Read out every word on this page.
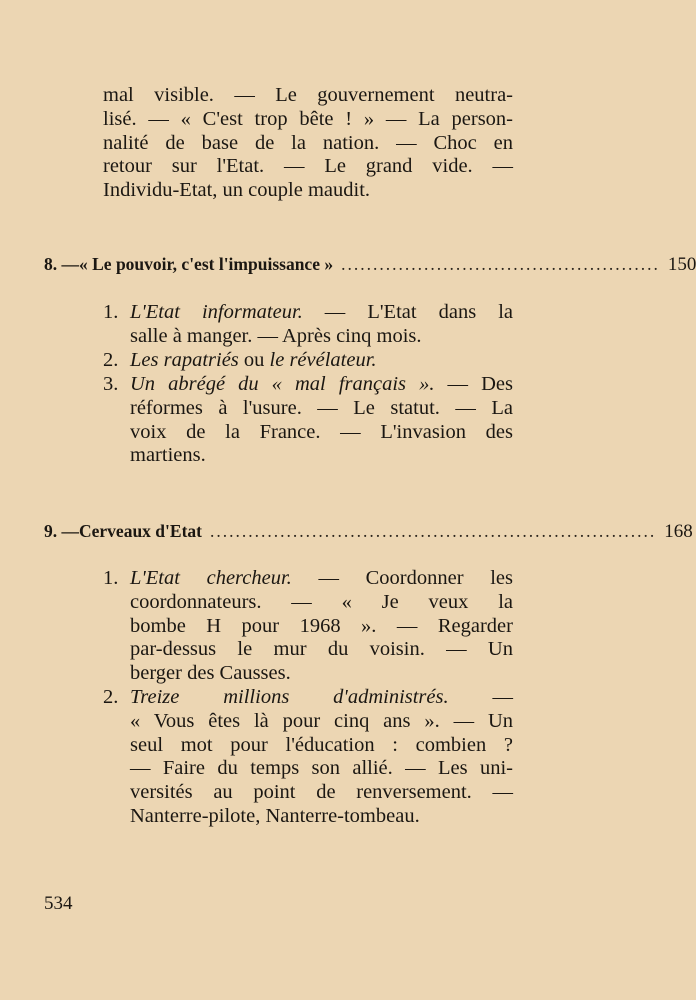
mal visible. — Le gouvernement neutra-
lisé. — « C'est trop bête ! » — La person-
nalité de base de la nation. — Choc en
retour sur l'Etat. — Le grand vide. —
Individu-Etat, un couple maudit.
8. — « Le pouvoir, c'est l'impuissance » .................................................. 150
1. L'Etat informateur. — L'Etat dans la
salle à manger. — Après cinq mois.
2. Les rapatriés ou le révélateur.
3. Un abrégé du « mal français ». — Des
réformes à l'usure. — Le statut. — La
voix de la France. — L'invasion des
martiens.
9. — Cerveaux d'Etat ...................................................................... 168
1. L'Etat chercheur. — Coordonner les
coordonnateurs. — « Je veux la
bombe H pour 1968 ». — Regarder
par-dessus le mur du voisin. — Un
berger des Causses.
2. Treize millions d'administrés. —
« Vous êtes là pour cinq ans ». — Un
seul mot pour l'éducation : combien ?
— Faire du temps son allié. — Les uni-
versités au point de renversement. —
Nanterre-pilote, Nanterre-tombeau.
534
